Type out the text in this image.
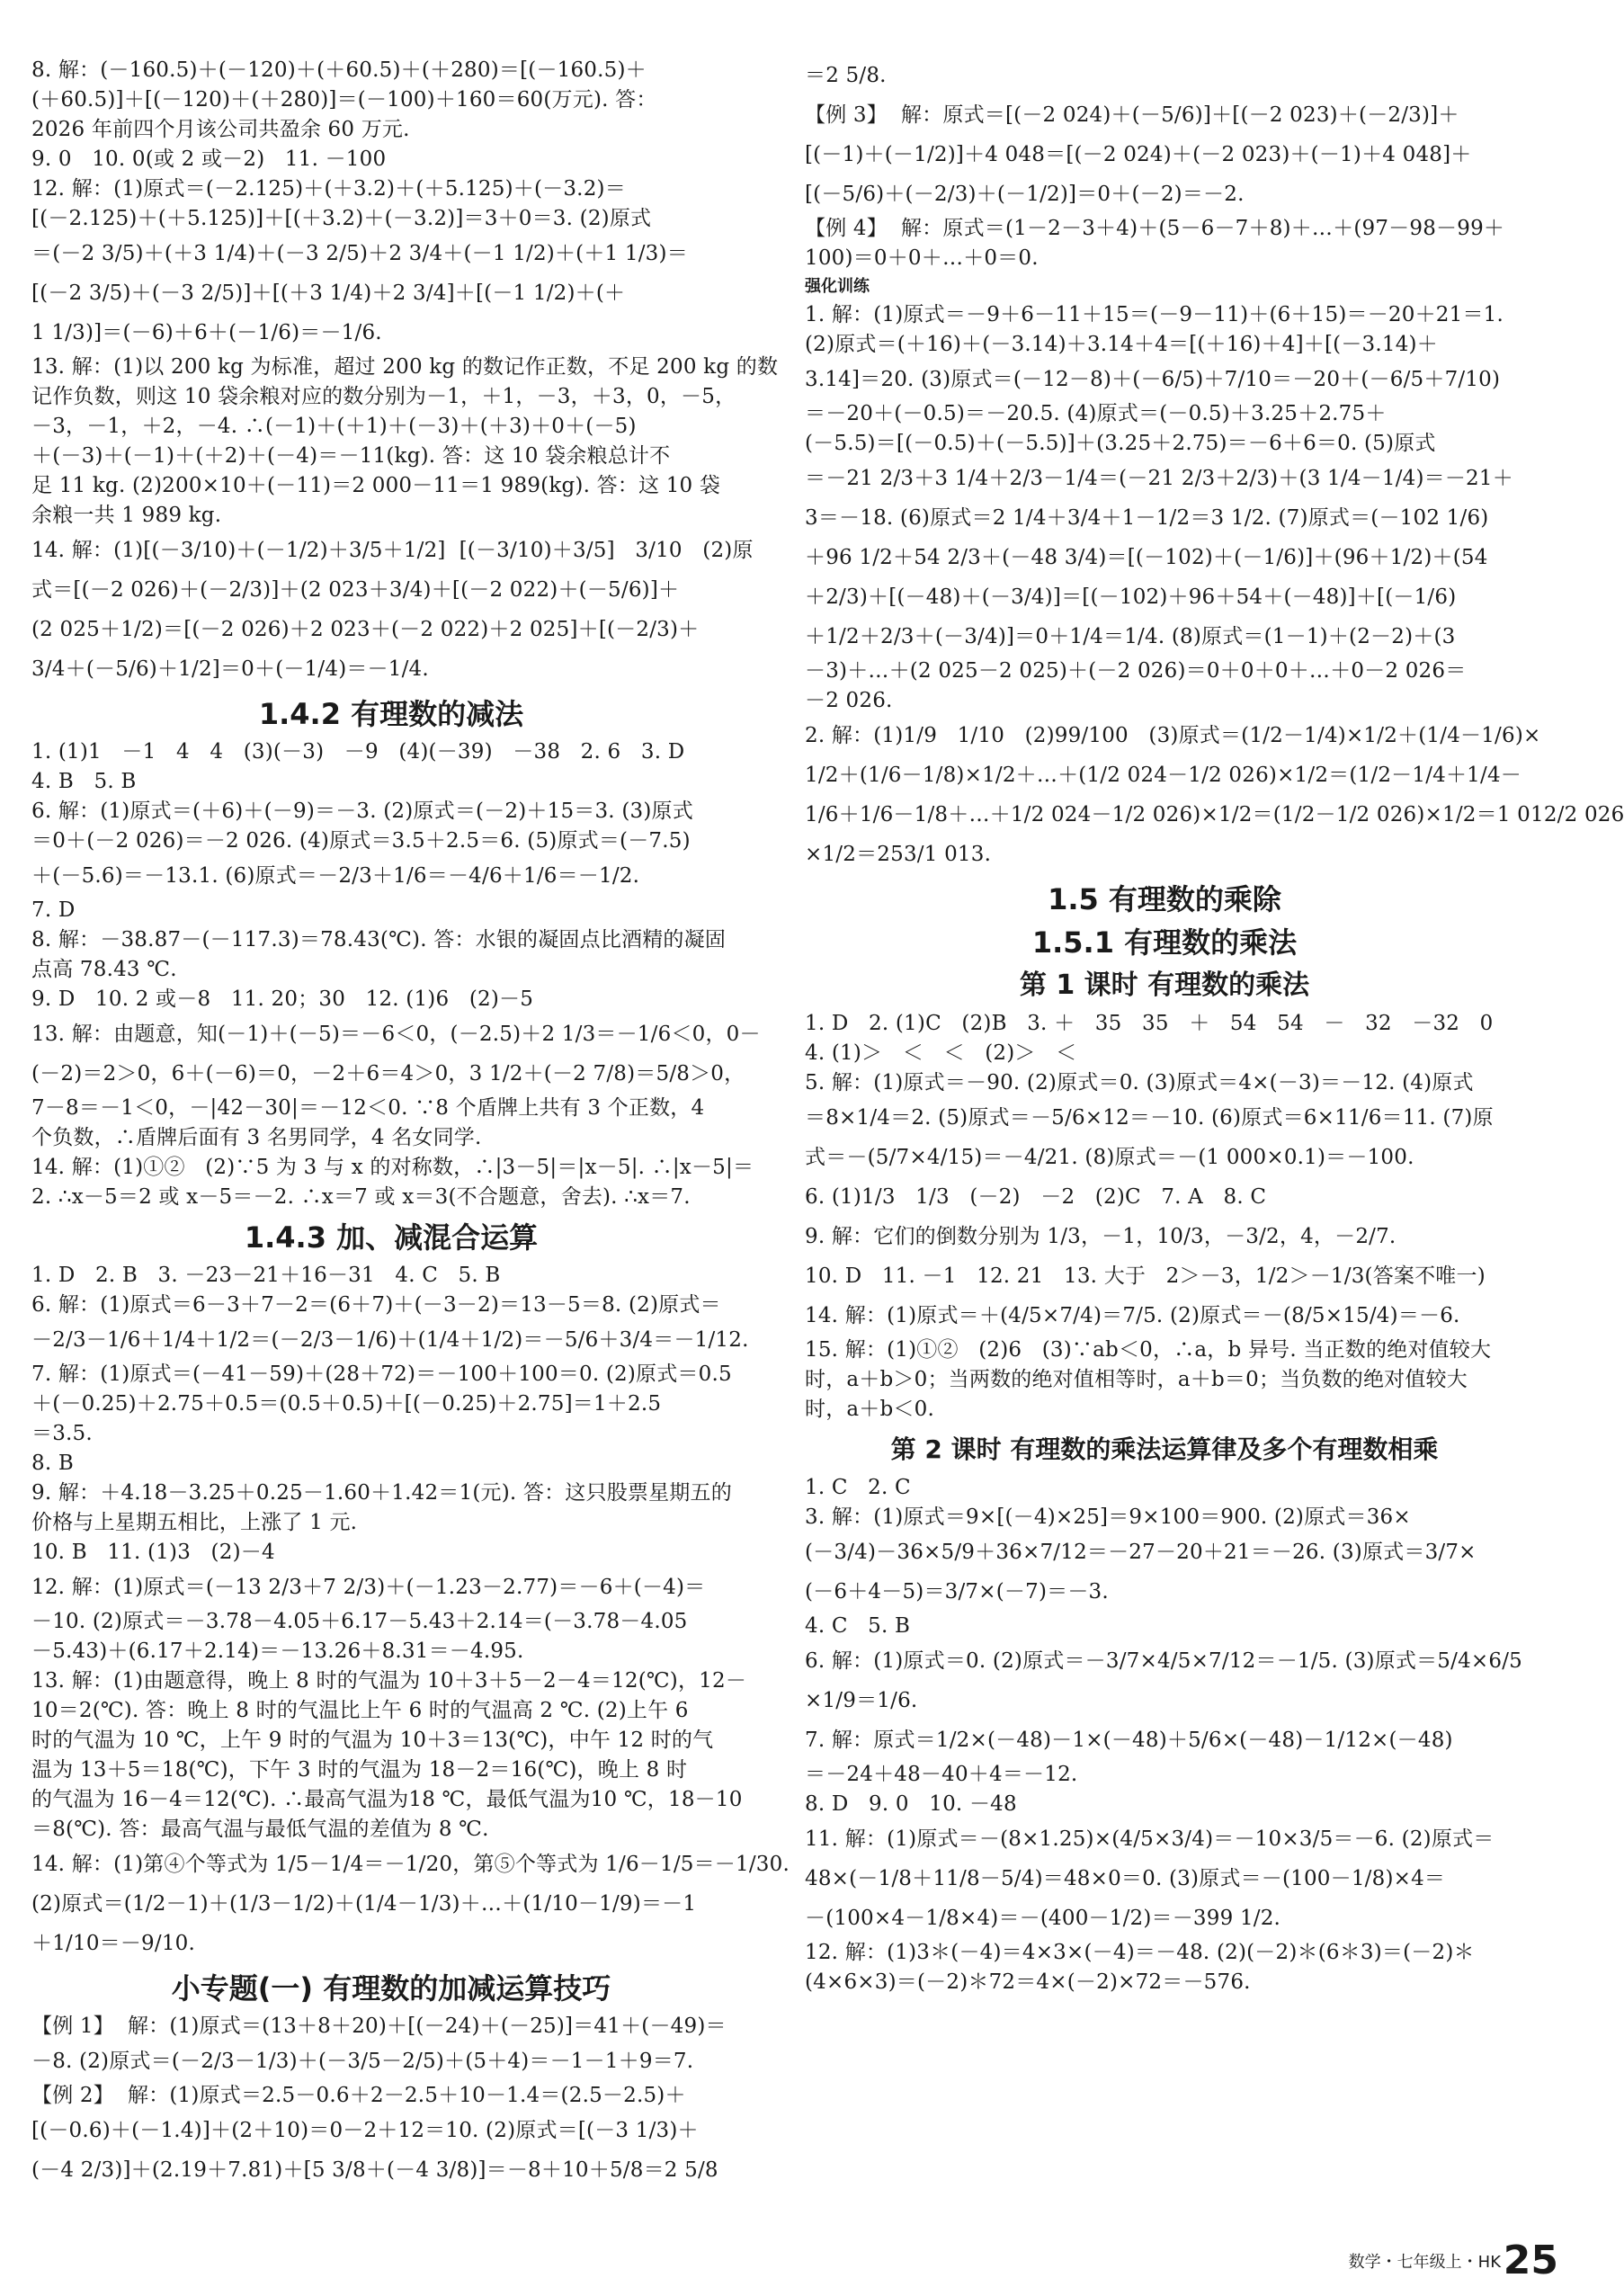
8. 解：(－160.5)＋(－120)＋(＋60.5)＋(＋280)＝[(－160.5)＋
(＋60.5)]＋[(－120)＋(＋280)]＝(－100)＋160＝60(万元). 答：
2026 年前四个月该公司共盈余 60 万元.
9. 0   10. 0(或 2 或－2)   11. －100
12. 解：(1)原式＝(－2.125)＋(＋3.2)＋(＋5.125)＋(－3.2)＝
[(－2.125)＋(＋5.125)]＋[(＋3.2)＋(－3.2)]＝3＋0＝3. (2)原式
＝(－2 3/5)＋(＋3 1/4)＋(－3 2/5)＋2 3/4＋(－1 1/2)＋(＋1 1/3)＝
[(－2 3/5)＋(－3 2/5)]＋[(＋3 1/4)＋2 3/4]＋[(－1 1/2)＋(＋
1 1/3)]＝(－6)＋6＋(－1/6)＝－1/6.
13. 解：(1)以 200 kg 为标准，超过 200 kg 的数记作正数，不足 200 kg 的数
记作负数，则这 10 袋余粮对应的数分别为－1，＋1，－3，＋3，0，－5，
－3，－1，＋2，－4. ∴(－1)＋(＋1)＋(－3)＋(＋3)＋0＋(－5)
＋(－3)＋(－1)＋(＋2)＋(－4)＝－11(kg). 答：这 10 袋余粮总计不
足 11 kg. (2)200×10＋(－11)＝2 000－11＝1 989(kg). 答：这 10 袋
余粮一共 1 989 kg.
14. 解：(1)[(－3/10)＋(－1/2)＋3/5＋1/2]  [(－3/10)＋3/5]   3/10   (2)原
式＝[(－2 026)＋(－2/3)]＋(2 023＋3/4)＋[(－2 022)＋(－5/6)]＋
(2 025＋1/2)＝[(－2 026)＋2 023＋(－2 022)＋2 025]＋[(－2/3)＋
3/4＋(－5/6)＋1/2]＝0＋(－1/4)＝－1/4.
1.4.2 有理数的减法
1. (1)1   －1   4   4   (3)(－3)   －9   (4)(－39)   －38   2. 6   3. D
4. B   5. B
6. 解：(1)原式＝(＋6)＋(－9)＝－3. (2)原式＝(－2)＋15＝3. (3)原式
＝0＋(－2 026)＝－2 026. (4)原式＝3.5＋2.5＝6. (5)原式＝(－7.5)
＋(－5.6)＝－13.1. (6)原式＝－2/3＋1/6＝－4/6＋1/6＝－1/2.
7. D
8. 解：－38.87－(－117.3)＝78.43(℃). 答：水银的凝固点比酒精的凝固
点高 78.43 ℃.
9. D   10. 2 或－8   11. 20；30   12. (1)6   (2)－5
13. 解：由题意，知(－1)＋(－5)＝－6＜0，(－2.5)＋2 1/3＝－1/6＜0，0－
(－2)＝2＞0，6＋(－6)＝0，－2＋6＝4＞0，3 1/2＋(－2 7/8)＝5/8＞0，
7－8＝－1＜0，－|42－30|＝－12＜0. ∵8 个盾牌上共有 3 个正数，4
个负数，∴盾牌后面有 3 名男同学，4 名女同学.
14. 解：(1)①②   (2)∵5 为 3 与 x 的对称数，∴|3－5|＝|x－5|. ∴|x－5|＝
2. ∴x－5＝2 或 x－5＝－2. ∴x＝7 或 x＝3(不合题意，舍去). ∴x＝7.
1.4.3 加、减混合运算
1. D   2. B   3. －23－21＋16－31   4. C   5. B
6. 解：(1)原式＝6－3＋7－2＝(6＋7)＋(－3－2)＝13－5＝8. (2)原式＝
－2/3－1/6＋1/4＋1/2＝(－2/3－1/6)＋(1/4＋1/2)＝－5/6＋3/4＝－1/12.
7. 解：(1)原式＝(－41－59)＋(28＋72)＝－100＋100＝0. (2)原式＝0.5
＋(－0.25)＋2.75＋0.5＝(0.5＋0.5)＋[(－0.25)＋2.75]＝1＋2.5
＝3.5.
8. B
9. 解：＋4.18－3.25＋0.25－1.60＋1.42＝1(元). 答：这只股票星期五的
价格与上星期五相比，上涨了 1 元.
10. B   11. (1)3   (2)－4
12. 解：(1)原式＝(－13 2/3＋7 2/3)＋(－1.23－2.77)＝－6＋(－4)＝
－10. (2)原式＝－3.78－4.05＋6.17－5.43＋2.14＝(－3.78－4.05
－5.43)＋(6.17＋2.14)＝－13.26＋8.31＝－4.95.
13. 解：(1)由题意得，晚上 8 时的气温为 10＋3＋5－2－4＝12(℃)，12－
10＝2(℃). 答：晚上 8 时的气温比上午 6 时的气温高 2 ℃. (2)上午 6
时的气温为 10 ℃，上午 9 时的气温为 10＋3＝13(℃)，中午 12 时的气
温为 13＋5＝18(℃)，下午 3 时的气温为 18－2＝16(℃)，晚上 8 时
的气温为 16－4＝12(℃). ∴最高气温为18 ℃，最低气温为10 ℃，18－10
＝8(℃). 答：最高气温与最低气温的差值为 8 ℃.
14. 解：(1)第④个等式为 1/5－1/4＝－1/20，第⑤个等式为 1/6－1/5＝－1/30.
(2)原式＝(1/2－1)＋(1/3－1/2)＋(1/4－1/3)＋…＋(1/10－1/9)＝－1
＋1/10＝－9/10.
小专题(一) 有理数的加减运算技巧
【例 1】  解：(1)原式＝(13＋8＋20)＋[(－24)＋(－25)]＝41＋(－49)＝
－8. (2)原式＝(－2/3－1/3)＋(－3/5－2/5)＋(5＋4)＝－1－1＋9＝7.
【例 2】  解：(1)原式＝2.5－0.6＋2－2.5＋10－1.4＝(2.5－2.5)＋
[(－0.6)＋(－1.4)]＋(2＋10)＝0－2＋12＝10. (2)原式＝[(－3 1/3)＋
(－4 2/3)]＋(2.19＋7.81)＋[5 3/8＋(－4 3/8)]＝－8＋10＋5/8＝2 5/8
＝2 5/8.
【例 3】  解：原式＝[(－2 024)＋(－5/6)]＋[(－2 023)＋(－2/3)]＋
[(－1)＋(－1/2)]＋4 048＝[(－2 024)＋(－2 023)＋(－1)＋4 048]＋
[(－5/6)＋(－2/3)＋(－1/2)]＝0＋(－2)＝－2.
【例 4】  解：原式＝(1－2－3＋4)＋(5－6－7＋8)＋…＋(97－98－99＋
100)＝0＋0＋…＋0＝0.
强化训练
1. 解：(1)原式＝－9＋6－11＋15＝(－9－11)＋(6＋15)＝－20＋21＝1.
(2)原式＝(＋16)＋(－3.14)＋3.14＋4＝[(＋16)＋4]＋[(－3.14)＋
3.14]＝20. (3)原式＝(－12－8)＋(－6/5)＋7/10＝－20＋(－6/5＋7/10)
＝－20＋(－0.5)＝－20.5. (4)原式＝(－0.5)＋3.25＋2.75＋
(－5.5)＝[(－0.5)＋(－5.5)]＋(3.25＋2.75)＝－6＋6＝0. (5)原式
＝－21 2/3＋3 1/4＋2/3－1/4＝(－21 2/3＋2/3)＋(3 1/4－1/4)＝－21＋
3＝－18. (6)原式＝2 1/4＋3/4＋1－1/2＝3 1/2. (7)原式＝(－102 1/6)
＋96 1/2＋54 2/3＋(－48 3/4)＝[(－102)＋(－1/6)]＋(96＋1/2)＋(54
＋2/3)＋[(－48)＋(－3/4)]＝[(－102)＋96＋54＋(－48)]＋[(－1/6)
＋1/2＋2/3＋(－3/4)]＝0＋1/4＝1/4. (8)原式＝(1－1)＋(2－2)＋(3
－3)＋…＋(2 025－2 025)＋(－2 026)＝0＋0＋0＋…＋0－2 026＝
－2 026.
2. 解：(1)1/9   1/10   (2)99/100   (3)原式＝(1/2－1/4)×1/2＋(1/4－1/6)×
1/2＋(1/6－1/8)×1/2＋…＋(1/2 024－1/2 026)×1/2＝(1/2－1/4＋1/4－
1/6＋1/6－1/8＋…＋1/2 024－1/2 026)×1/2＝(1/2－1/2 026)×1/2＝1 012/2 026
×1/2＝253/1 013.
1.5 有理数的乘除
1.5.1 有理数的乘法
第 1 课时 有理数的乘法
1. D   2. (1)C   (2)B   3. ＋   35   35   ＋   54   54   －   32   －32   0
4. (1)＞   ＜   ＜   (2)＞   ＜
5. 解：(1)原式＝－90. (2)原式＝0. (3)原式＝4×(－3)＝－12. (4)原式
＝8×1/4＝2. (5)原式＝－5/6×12＝－10. (6)原式＝6×11/6＝11. (7)原
式＝－(5/7×4/15)＝－4/21. (8)原式＝－(1 000×0.1)＝－100.
6. (1)1/3   1/3   (－2)   －2   (2)C   7. A   8. C
9. 解：它们的倒数分别为 1/3，－1，10/3，－3/2，4，－2/7.
10. D   11. －1   12. 21   13. 大于   2＞－3，1/2＞－1/3(答案不唯一)
14. 解：(1)原式＝＋(4/5×7/4)＝7/5. (2)原式＝－(8/5×15/4)＝－6.
15. 解：(1)①②   (2)6   (3)∵ab＜0，∴a，b 异号. 当正数的绝对值较大
时，a＋b＞0；当两数的绝对值相等时，a＋b＝0；当负数的绝对值较大
时，a＋b＜0.
第 2 课时 有理数的乘法运算律及多个有理数相乘
1. C   2. C
3. 解：(1)原式＝9×[(－4)×25]＝9×100＝900. (2)原式＝36×
(－3/4)－36×5/9＋36×7/12＝－27－20＋21＝－26. (3)原式＝3/7×
(－6＋4－5)＝3/7×(－7)＝－3.
4. C   5. B
6. 解：(1)原式＝0. (2)原式＝－3/7×4/5×7/12＝－1/5. (3)原式＝5/4×6/5
×1/9＝1/6.
7. 解：原式＝1/2×(－48)－1×(－48)＋5/6×(－48)－1/12×(－48)
＝－24＋48－40＋4＝－12.
8. D   9. 0   10. －48
11. 解：(1)原式＝－(8×1.25)×(4/5×3/4)＝－10×3/5＝－6. (2)原式＝
48×(－1/8＋11/8－5/4)＝48×0＝0. (3)原式＝－(100－1/8)×4＝
－(100×4－1/8×4)＝－(400－1/2)＝－399 1/2.
12. 解：(1)3＊(－4)＝4×3×(－4)＝－48. (2)(－2)＊(6＊3)＝(－2)＊
(4×6×3)＝(－2)＊72＝4×(－2)×72＝－576.
数学・七年级上・HK 25
